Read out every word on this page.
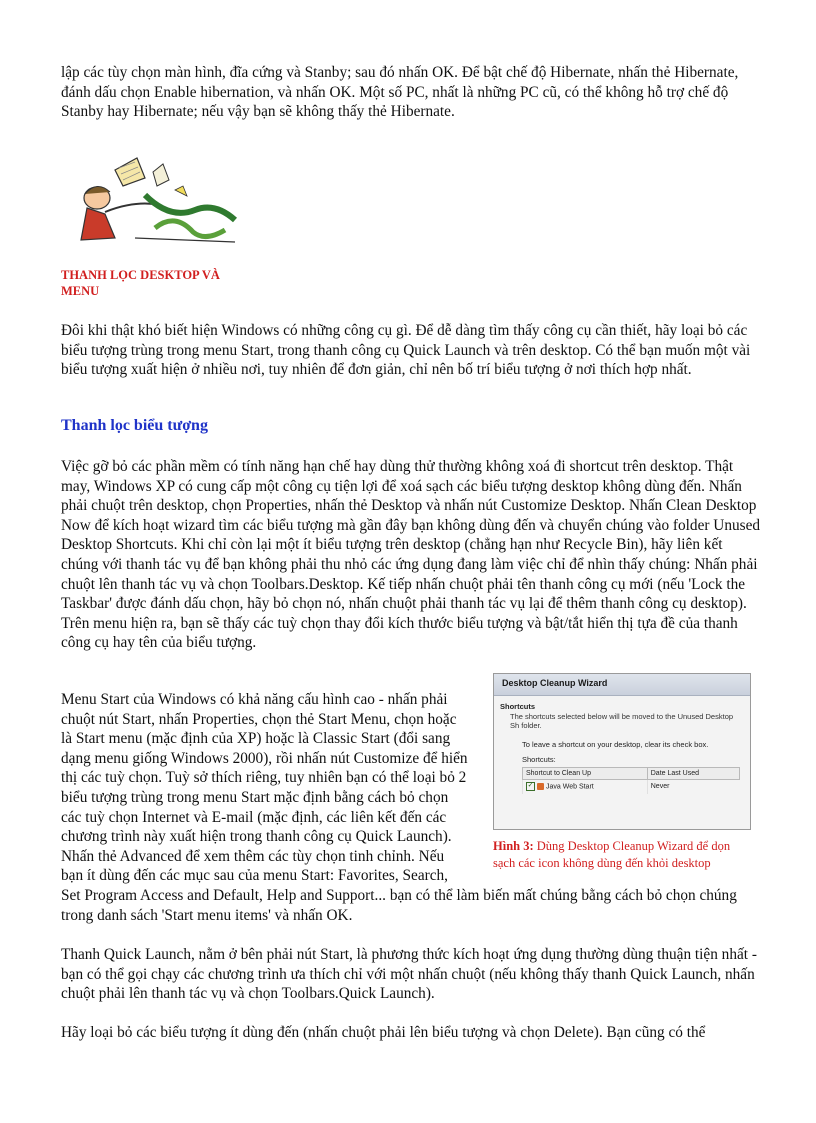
lập các tùy chọn màn hình, đĩa cứng và Stanby; sau đó nhấn OK. Để bật chế độ Hibernate, nhấn thẻ Hibernate, đánh dấu chọn Enable hibernation, và nhấn OK. Một số PC, nhất là những PC cũ, có thể không hỗ trợ chế độ Stanby hay Hibernate; nếu vậy bạn sẽ không thấy thẻ Hibernate.

THANH LỌC DESKTOP VÀ MENU

Đôi khi thật khó biết hiện Windows có những công cụ gì. Để dễ dàng tìm thấy công cụ cần thiết, hãy loại bỏ các biểu tượng trùng trong menu Start, trong thanh công cụ Quick Launch và trên desktop. Có thể bạn muốn một vài biểu tượng xuất hiện ở nhiều nơi, tuy nhiên để đơn giản, chỉ nên bố trí biểu tượng ở nơi thích hợp nhất.

Thanh lọc biểu tượng

Việc gỡ bỏ các phần mềm có tính năng hạn chế hay dùng thử thường không xoá đi shortcut trên desktop. Thật may, Windows XP có cung cấp một công cụ tiện lợi để xoá sạch các biểu tượng desktop không dùng đến. Nhấn phải chuột trên desktop, chọn Properties, nhấn thẻ Desktop và nhấn nút Customize Desktop. Nhấn Clean Desktop Now để kích hoạt wizard tìm các biểu tượng mà gần đây bạn không dùng đến và chuyển chúng vào folder Unused Desktop Shortcuts. Khi chỉ còn lại một ít biểu tượng trên desktop (chẳng hạn như Recycle Bin), hãy liên kết chúng với thanh tác vụ để bạn không phải thu nhỏ các ứng dụng đang làm việc chỉ để nhìn thấy chúng: Nhấn phải chuột lên thanh tác vụ và chọn Toolbars.Desktop. Kế tiếp nhấn chuột phải tên thanh công cụ mới (nếu 'Lock the Taskbar' được đánh dấu chọn, hãy bỏ chọn nó, nhấn chuột phải thanh tác vụ lại để thêm thanh công cụ desktop). Trên menu hiện ra, bạn sẽ thấy các tuỳ chọn thay đổi kích thước biểu tượng và bật/tắt hiển thị tựa đề của thanh công cụ hay tên của biểu tượng.

Menu Start của Windows có khả năng cấu hình cao - nhấn phải

chuột nút Start, nhấn Properties, chọn thẻ Start Menu, chọn hoặc

là Start menu (mặc định của XP) hoặc là Classic Start (đổi sang

dạng menu giống Windows 2000), rồi nhấn nút Customize để hiển

thị các tuỳ chọn. Tuỳ sở thích riêng, tuy nhiên bạn có thể loại bỏ 2

biểu tượng trùng trong menu Start mặc định bằng cách bỏ chọn

các tuỳ chọn Internet và E-mail (mặc định, các liên kết đến các

chương trình này xuất hiện trong thanh công cụ Quick Launch).

Nhấn thẻ Advanced để xem thêm các tùy chọn tinh chỉnh. Nếu

bạn ít dùng đến các mục sau của menu Start: Favorites, Search,

Set Program Access and Default, Help and Support... bạn có thể làm biến mất chúng bằng cách bỏ chọn chúng trong danh sách 'Start menu items' và nhấn OK.

Desktop Cleanup Wizard
Shortcuts
The shortcuts selected below will be moved to the Unused Desktop Sh folder.
To leave a shortcut on your desktop, clear its check box.
Shortcuts:
Shortcut to Clean Up	Date Last Used
✓ Java Web Start	Never
Hình 3: Dùng Desktop Cleanup Wizard để dọn sạch các icon không dùng đến khỏi desktop

Thanh Quick Launch, nằm ở bên phải nút Start, là phương thức kích hoạt ứng dụng thường dùng thuận tiện nhất - bạn có thể gọi chạy các chương trình ưa thích chỉ với một nhấn chuột (nếu không thấy thanh Quick Launch, nhấn chuột phải lên thanh tác vụ và chọn Toolbars.Quick Launch).

Hãy loại bỏ các biểu tượng ít dùng đến (nhấn chuột phải lên biểu tượng và chọn Delete). Bạn cũng có thể
